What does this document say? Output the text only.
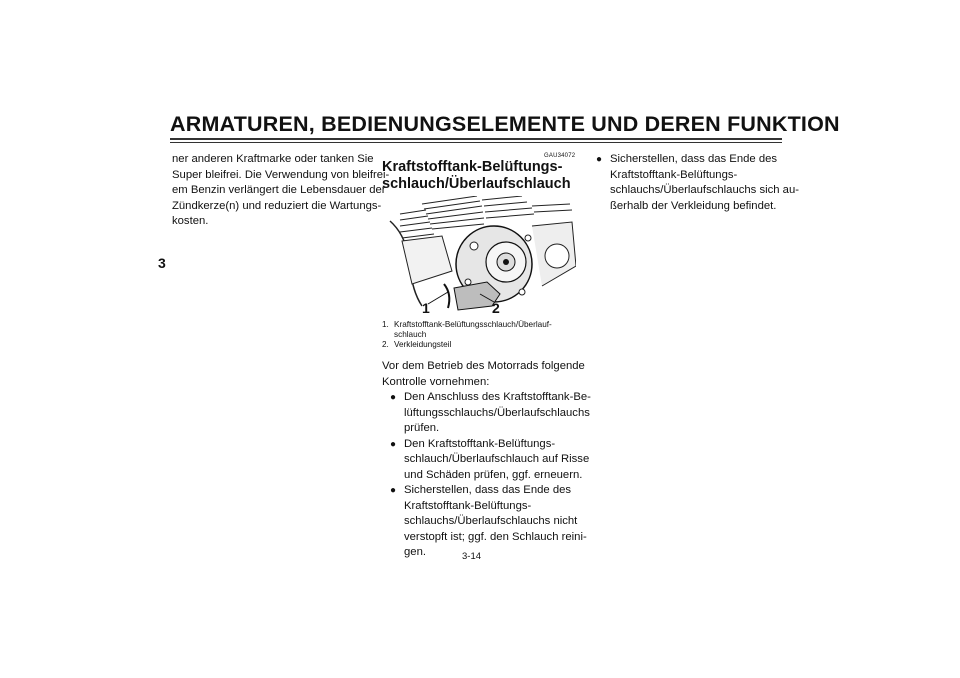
ARMATUREN, BEDIENUNGSELEMENTE UND DEREN FUNKTION
3
ner anderen Kraftmarke oder tanken Sie
Super bleifrei. Die Verwendung von bleifrei-
em Benzin verlängert die Lebensdauer der
Zündkerze(n) und reduziert die Wartungs-
kosten.
GAU34072
Kraftstofftank-Belüftungs-
schlauch/Überlaufschlauch
1	2
1. Kraftstofftank-Belüftungsschlauch/Überlauf-
schlauch
2. Verkleidungsteil
Vor dem Betrieb des Motorrads folgende
Kontrolle vornehmen:
● Den Anschluss des Kraftstofftank-Be-
lüftungsschlauchs/Überlaufschlauchs
prüfen.
● Den Kraftstofftank-Belüftungs-
schlauch/Überlaufschlauch auf Risse
und Schäden prüfen, ggf. erneuern.
● Sicherstellen, dass das Ende des
Kraftstofftank-Belüftungs-
schlauchs/Überlaufschlauchs nicht
verstopft ist; ggf. den Schlauch reini-
gen.
● Sicherstellen, dass das Ende des
Kraftstofftank-Belüftungs-
schlauchs/Überlaufschlauchs sich au-
ßerhalb der Verkleidung befindet.
3-14
